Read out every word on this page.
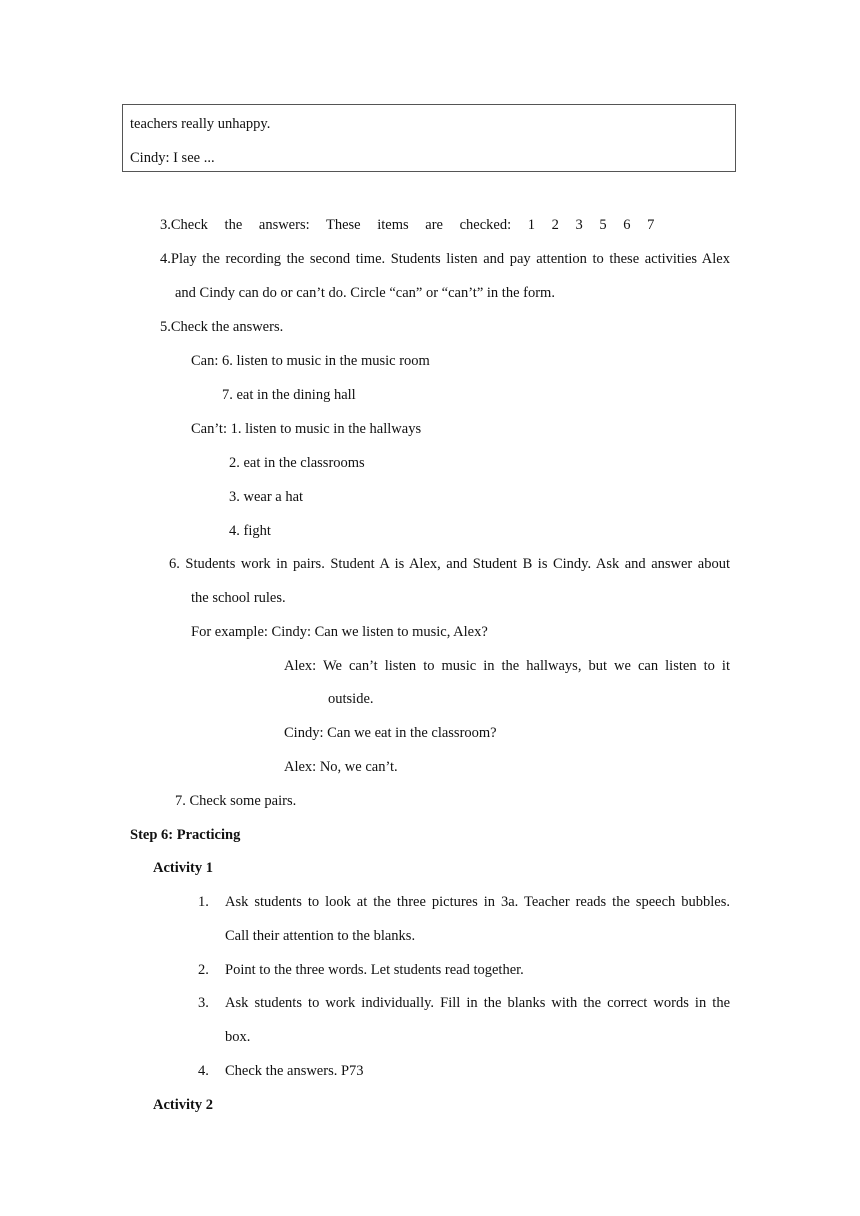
teachers really unhappy.
Cindy: I see ...
3.Check the answers: These items are checked: 1 2 3 5 6 7
4.Play the recording the second time. Students listen and pay attention to these activities Alex
and Cindy can do or can’t do. Circle “can” or “can’t” in the form.
5.Check the answers.
Can: 6. listen to music in the music room
7. eat in the dining hall
Can’t: 1. listen to music in the hallways
2. eat in the classrooms
3. wear a hat
4. fight
6. Students work in pairs. Student A is Alex, and Student B is Cindy. Ask and answer about
the school rules.
For example: Cindy: Can we listen to music, Alex?
Alex: We can’t listen to music in the hallways, but we can listen to it
outside.
Cindy: Can we eat in the classroom?
Alex: No, we can’t.
7. Check some pairs.
Step 6: Practicing
Activity 1
1. Ask students to look at the three pictures in 3a. Teacher reads the speech bubbles.
Call their attention to the blanks.
2. Point to the three words. Let students read together.
3. Ask students to work individually. Fill in the blanks with the correct words in the
box.
4. Check the answers. P73
Activity 2
